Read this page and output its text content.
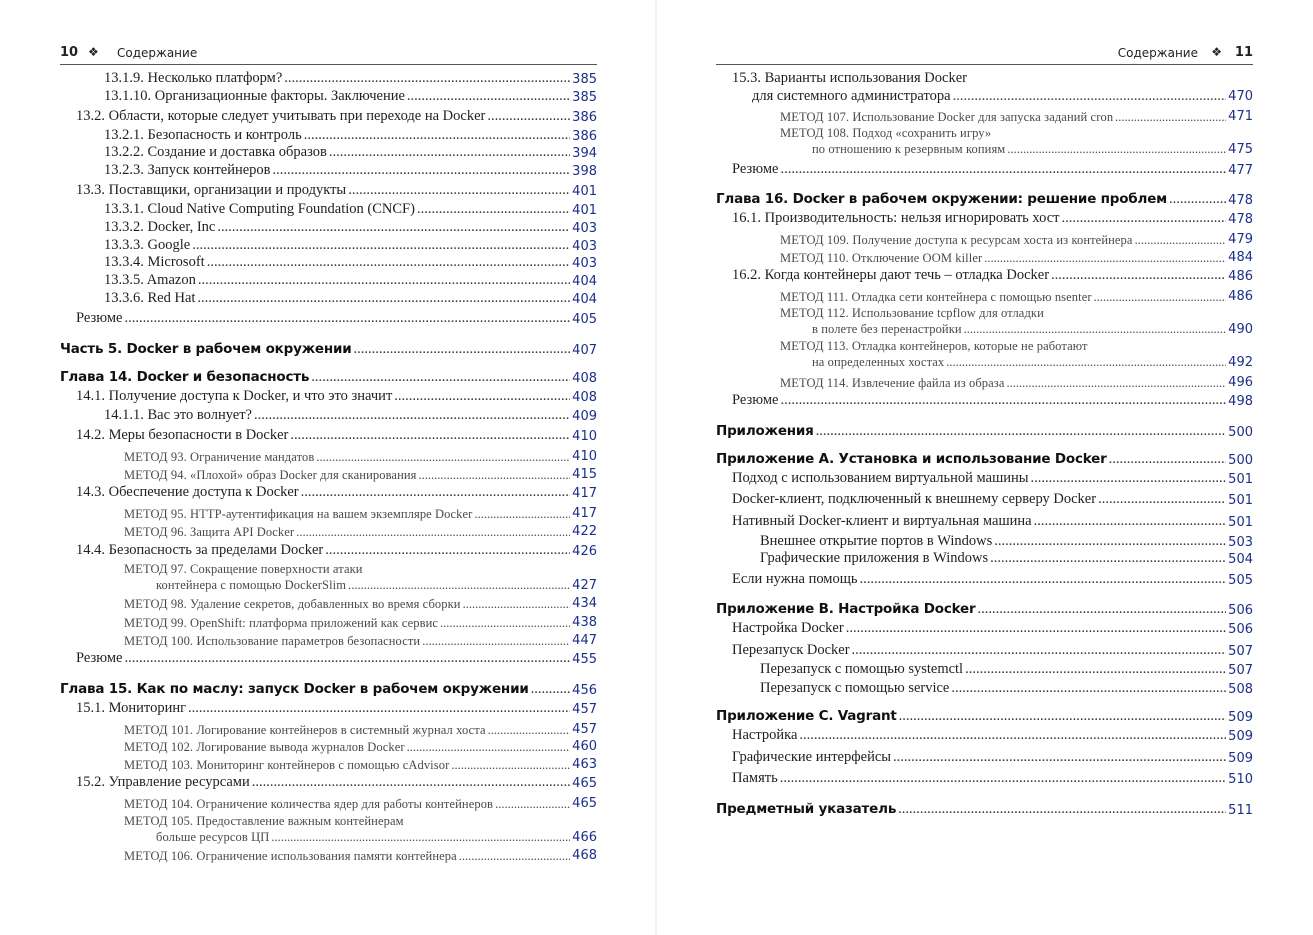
10 ❖ Содержание
13.1.9. Несколько платформ? .....	385
13.1.10. Организационные факторы. Заключение .....	385
13.2. Области, которые следует учитывать при переходе на Docker .....	386
13.2.1. Безопасность и контроль .....	386
13.2.2. Создание и доставка образов .....	394
13.2.3. Запуск контейнеров .....	398
13.3. Поставщики, организации и продукты .....	401
13.3.1. Cloud Native Computing Foundation (CNCF) .....	401
13.3.2. Docker, Inc .....	403
13.3.3. Google .....	403
13.3.4. Microsoft .....	403
13.3.5. Amazon .....	404
13.3.6. Red Hat .....	404
Резюме .....	405
Часть 5. Docker в рабочем окружении .....	407
Глава 14. Docker и безопасность .....	408
14.1. Получение доступа к Docker, и что это значит .....	408
14.1.1. Вас это волнует? .....	409
14.2. Меры безопасности в Docker .....	410
МЕТОД 93. Ограничение мандатов .....	410
МЕТОД 94. «Плохой» образ Docker для сканирования .....	415
14.3. Обеспечение доступа к Docker .....	417
МЕТОД 95. HTTP-аутентификация на вашем экземпляре Docker .....	417
МЕТОД 96. Защита API Docker .....	422
14.4. Безопасность за пределами Docker .....	426
МЕТОД 97. Сокращение поверхности атаки
контейнера с помощью DockerSlim .....	427
МЕТОД 98. Удаление секретов, добавленных во время сборки .....	434
МЕТОД 99. OpenShift: платформа приложений как сервис .....	438
МЕТОД 100. Использование параметров безопасности .....	447
Резюме .....	455
Глава 15. Как по маслу: запуск Docker в рабочем окружении .....	456
15.1. Мониторинг .....	457
МЕТОД 101. Логирование контейнеров в системный журнал хоста .....	457
МЕТОД 102. Логирование вывода журналов Docker .....	460
МЕТОД 103. Мониторинг контейнеров с помощью cAdvisor .....	463
15.2. Управление ресурсами .....	465
МЕТОД 104. Ограничение количества ядер для работы контейнеров .....	465
МЕТОД 105. Предоставление важным контейнерам
больше ресурсов ЦП .....	466
МЕТОД 106. Ограничение использования памяти контейнера .....	468
Содержание ❖ 11
15.3. Варианты использования Docker
для системного администратора .....	470
МЕТОД 107. Использование Docker для запуска заданий cron .....	471
МЕТОД 108. Подход «сохранить игру»
по отношению к резервным копиям .....	475
Резюме .....	477
Глава 16. Docker в рабочем окружении: решение проблем .....	478
16.1. Производительность: нельзя игнорировать хост .....	478
МЕТОД 109. Получение доступа к ресурсам хоста из контейнера .....	479
МЕТОД 110. Отключение OOM killer .....	484
16.2. Когда контейнеры дают течь – отладка Docker .....	486
МЕТОД 111. Отладка сети контейнера с помощью nsenter .....	486
МЕТОД 112. Использование tcpflow для отладки
в полете без перенастройки .....	490
МЕТОД 113. Отладка контейнеров, которые не работают
на определенных хостах .....	492
МЕТОД 114. Извлечение файла из образа .....	496
Резюме .....	498
Приложения .....	500
Приложение A. Установка и использование Docker .....	500
Подход с использованием виртуальной машины .....	501
Docker-клиент, подключенный к внешнему серверу Docker .....	501
Нативный Docker-клиент и виртуальная машина .....	501
Внешнее открытие портов в Windows .....	503
Графические приложения в Windows .....	504
Если нужна помощь .....	505
Приложение B. Настройка Docker .....	506
Настройка Docker .....	506
Перезапуск Docker .....	507
Перезапуск с помощью systemctl .....	507
Перезапуск с помощью service .....	508
Приложение C. Vagrant .....	509
Настройка .....	509
Графические интерфейсы .....	509
Память .....	510
Предметный указатель .....	511
